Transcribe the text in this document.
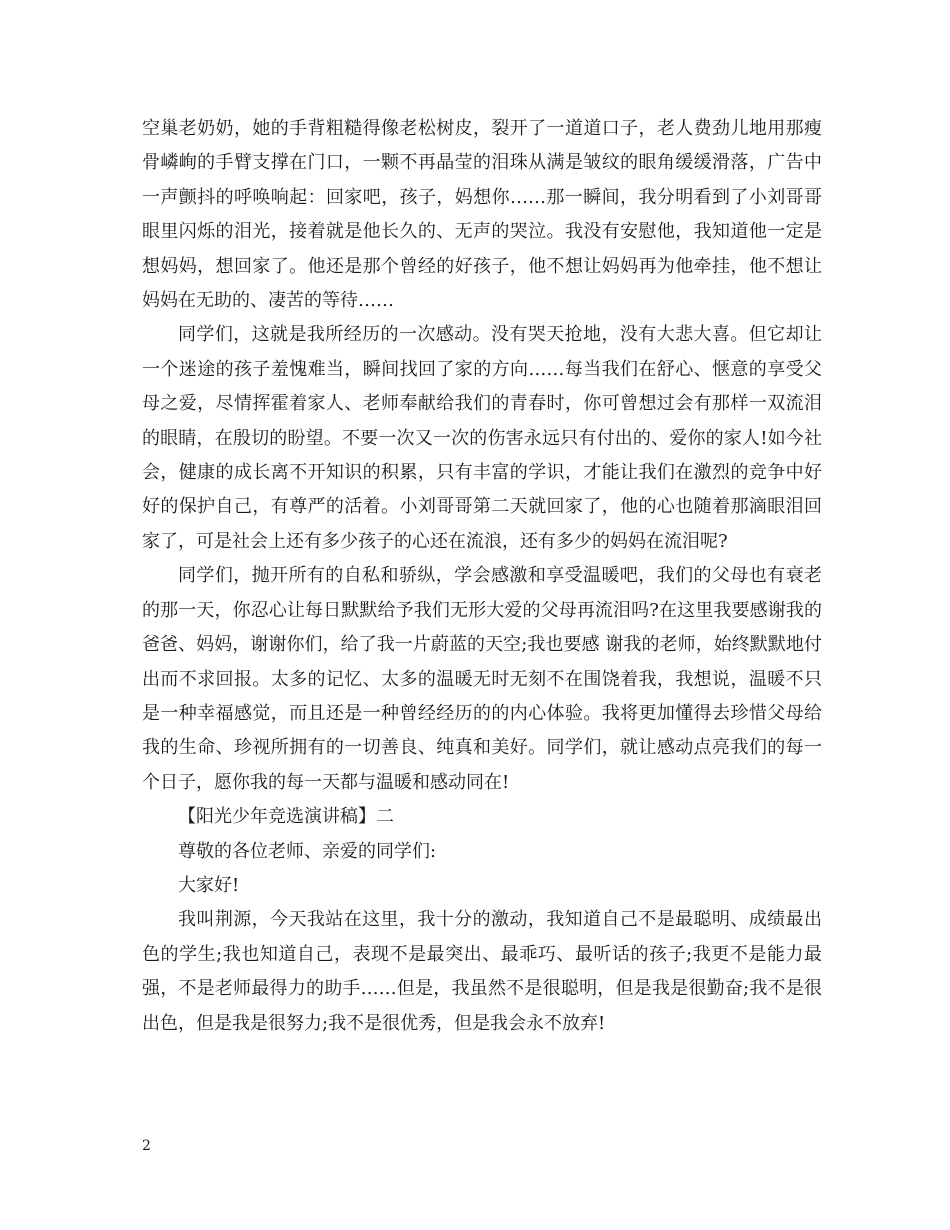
空巢老奶奶，她的手背粗糙得像老松树皮，裂开了一道道口子，老人费劲儿地用那瘦骨嶙峋的手臂支撑在门口，一颗不再晶莹的泪珠从满是皱纹的眼角缓缓滑落，广告中一声颤抖的呼唤响起：回家吧，孩子，妈想你……那一瞬间，我分明看到了小刘哥哥眼里闪烁的泪光，接着就是他长久的、无声的哭泣。我没有安慰他，我知道他一定是想妈妈，想回家了。他还是那个曾经的好孩子，他不想让妈妈再为他牵挂，他不想让妈妈在无助的、凄苦的等待……

同学们，这就是我所经历的一次感动。没有哭天抢地，没有大悲大喜。但它却让一个迷途的孩子羞愧难当，瞬间找回了家的方向……每当我们在舒心、惬意的享受父母之爱，尽情挥霍着家人、老师奉献给我们的青春时，你可曾想过会有那样一双流泪的眼睛，在殷切的盼望。不要一次又一次的伤害永远只有付出的、爱你的家人!如今社会，健康的成长离不开知识的积累，只有丰富的学识，才能让我们在激烈的竞争中好好的保护自己，有尊严的活着。小刘哥哥第二天就回家了，他的心也随着那滴眼泪回家了，可是社会上还有多少孩子的心还在流浪，还有多少的妈妈在流泪呢?

同学们，抛开所有的自私和骄纵，学会感激和享受温暖吧，我们的父母也有衰老的那一天，你忍心让每日默默给予我们无形大爱的父母再流泪吗?在这里我要感谢我的爸爸、妈妈，谢谢你们，给了我一片蔚蓝的天空;我也要感 谢我的老师，始终默默地付出而不求回报。太多的记忆、太多的温暖无时无刻不在围饶着我，我想说，温暖不只是一种幸福感觉，而且还是一种曾经经历的的内心体验。我将更加懂得去珍惜父母给我的生命、珍视所拥有的一切善良、纯真和美好。同学们，就让感动点亮我们的每一个日子，愿你我的每一天都与温暖和感动同在!

【阳光少年竞选演讲稿】二

尊敬的各位老师、亲爱的同学们:

大家好!

我叫荆源，今天我站在这里，我十分的激动，我知道自己不是最聪明、成绩最出色的学生;我也知道自己，表现不是最突出、最乖巧、最听话的孩子;我更不是能力最强，不是老师最得力的助手……但是，我虽然不是很聪明，但是我是很勤奋;我不是很出色，但是我是很努力;我不是很优秀，但是我会永不放弃!

2
